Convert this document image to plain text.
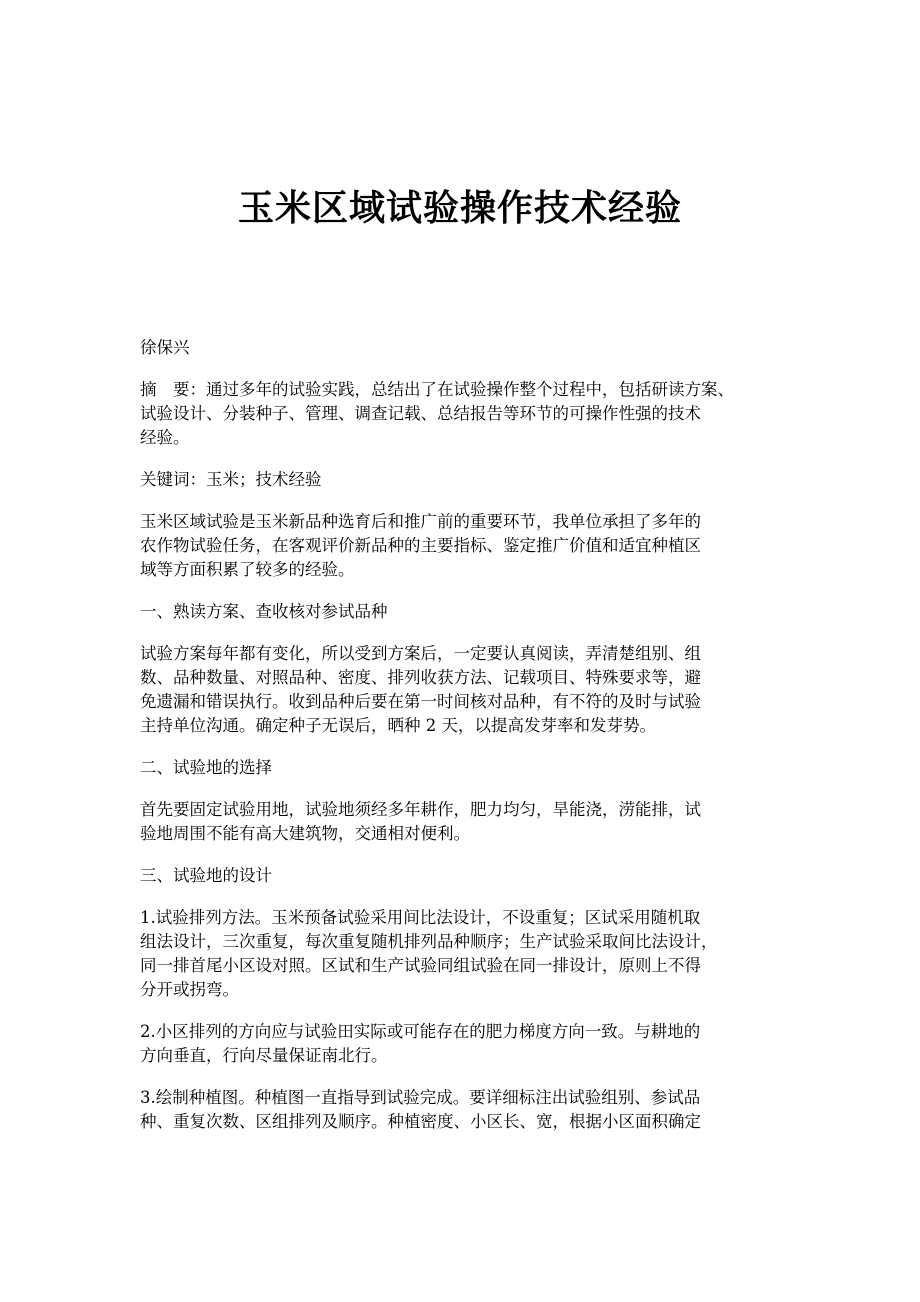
玉米区域试验操作技术经验

徐保兴

摘　要：通过多年的试验实践，总结出了在试验操作整个过程中，包括研读方案、
试验设计、分装种子、管理、调查记载、总结报告等环节的可操作性强的技术
经验。

关键词：玉米；技术经验

玉米区域试验是玉米新品种选育后和推广前的重要环节，我单位承担了多年的
农作物试验任务，在客观评价新品种的主要指标、鉴定推广价值和适宜种植区
域等方面积累了较多的经验。

一、熟读方案、查收核对参试品种

试验方案每年都有变化，所以受到方案后，一定要认真阅读，弄清楚组别、组
数、品种数量、对照品种、密度、排列收获方法、记载项目、特殊要求等，避
免遗漏和错误执行。收到品种后要在第一时间核对品种，有不符的及时与试验
主持单位沟通。确定种子无误后，晒种 2 天，以提高发芽率和发芽势。

二、试验地的选择

首先要固定试验用地，试验地须经多年耕作，肥力均匀，旱能浇，涝能排，试
验地周围不能有高大建筑物，交通相对便利。

三、试验地的设计

1.试验排列方法。玉米预备试验采用间比法设计，不设重复；区试采用随机取
组法设计，三次重复，每次重复随机排列品种顺序；生产试验采取间比法设计，
同一排首尾小区设对照。区试和生产试验同组试验在同一排设计，原则上不得
分开或拐弯。

2.小区排列的方向应与试验田实际或可能存在的肥力梯度方向一致。与耕地的
方向垂直，行向尽量保证南北行。

3.绘制种植图。种植图一直指导到试验完成。要详细标注出试验组别、参试品
种、重复次数、区组排列及顺序。种植密度、小区长、宽，根据小区面积确定
